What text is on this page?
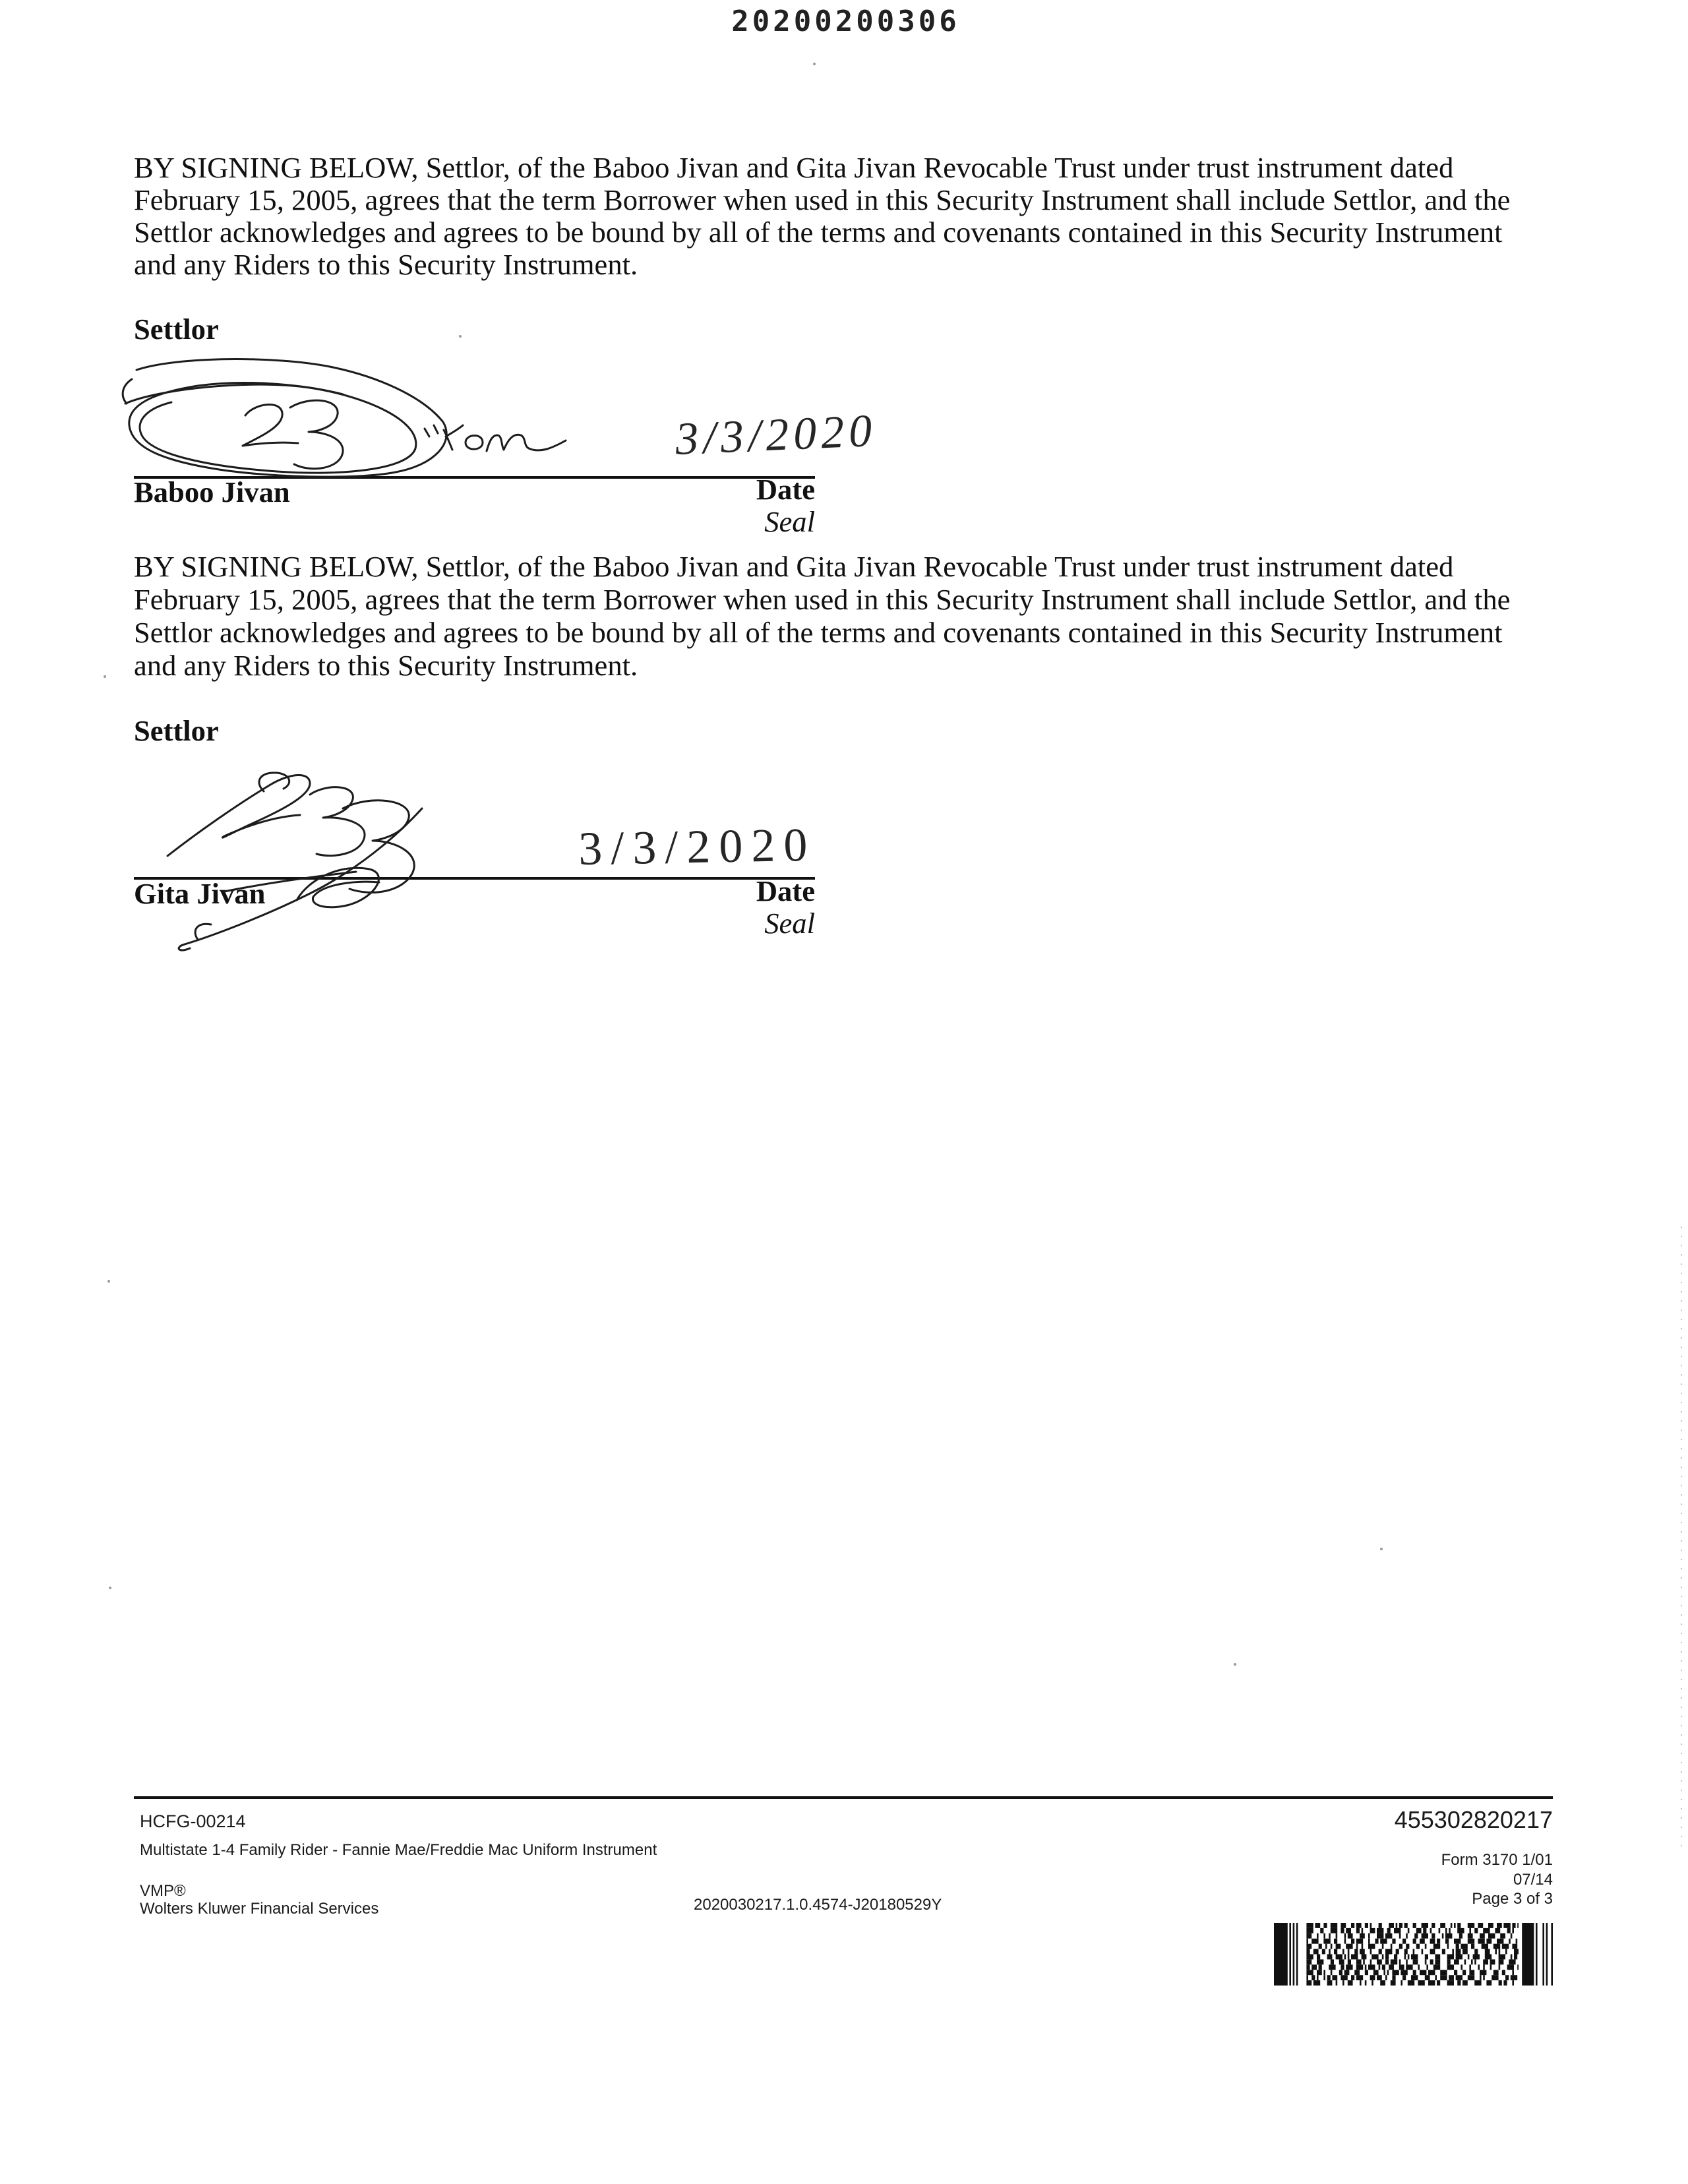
20200200306
BY SIGNING BELOW, Settlor, of the Baboo Jivan and Gita Jivan Revocable Trust under trust instrument dated
February 15, 2005, agrees that the term Borrower when used in this Security Instrument shall include Settlor, and the
Settlor acknowledges and agrees to be bound by all of the terms and covenants contained in this Security Instrument
and any Riders to this Security Instrument.
Settlor
3/3/2020
Baboo Jivan	Date
Seal
BY SIGNING BELOW, Settlor, of the Baboo Jivan and Gita Jivan Revocable Trust under trust instrument dated
February 15, 2005, agrees that the term Borrower when used in this Security Instrument shall include Settlor, and the
Settlor acknowledges and agrees to be bound by all of the terms and covenants contained in this Security Instrument
and any Riders to this Security Instrument.
Settlor
3/3/2020
Gita Jivan	Date
Seal
HCFG-00214	455302820217
Multistate 1-4 Family Rider - Fannie Mae/Freddie Mac Uniform Instrument
Form 3170 1/01
07/14
VMP®	Page 3 of 3
Wolters Kluwer Financial Services	2020030217.1.0.4574-J20180529Y
